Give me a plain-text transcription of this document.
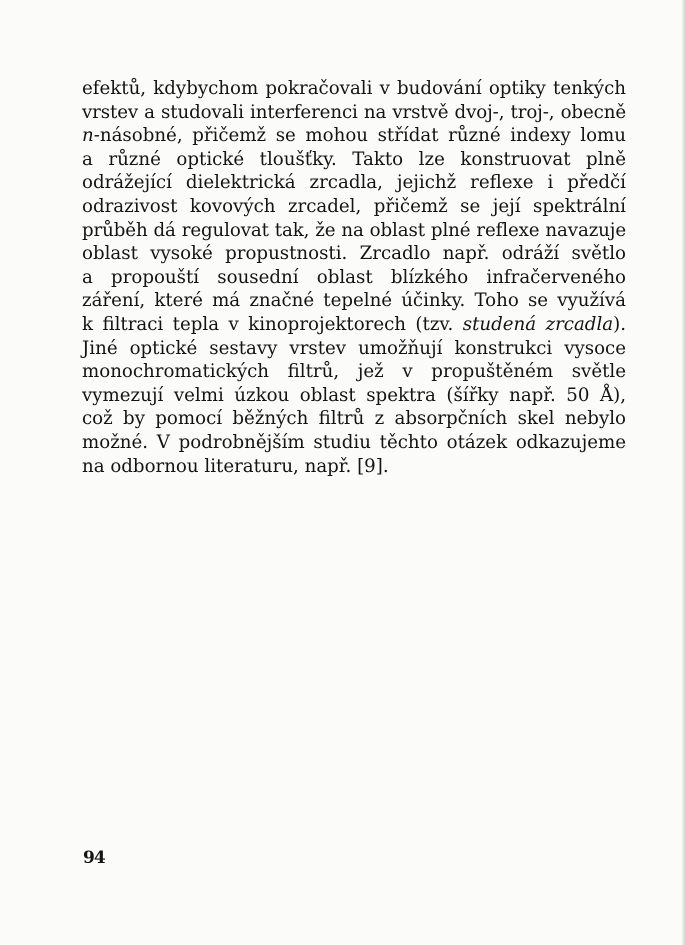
efektů, kdybychom pokračovali v budování optiky tenkých
vrstev a studovali interferenci na vrstvě dvoj-, troj-, obecně
n-násobné, přičemž se mohou střídat různé indexy lomu
a různé optické tloušťky. Takto lze konstruovat plně
odrážející dielektrická zrcadla, jejichž reflexe i předčí
odrazivost kovových zrcadel, přičemž se její spektrální
průběh dá regulovat tak, že na oblast plné reflexe navazuje
oblast vysoké propustnosti. Zrcadlo např. odráží světlo
a propouští sousední oblast blízkého infračerveného
záření, které má značné tepelné účinky. Toho se využívá
k filtraci tepla v kinoprojektorech (tzv. studená zrcadla).
Jiné optické sestavy vrstev umožňují konstrukci vysoce
monochromatických filtrů, jež v propuštěném světle
vymezují velmi úzkou oblast spektra (šířky např. 50 Å),
což by pomocí běžných filtrů z absorpčních skel nebylo
možné. V podrobnějším studiu těchto otázek odkazujeme
na odbornou literaturu, např. [9].
94
